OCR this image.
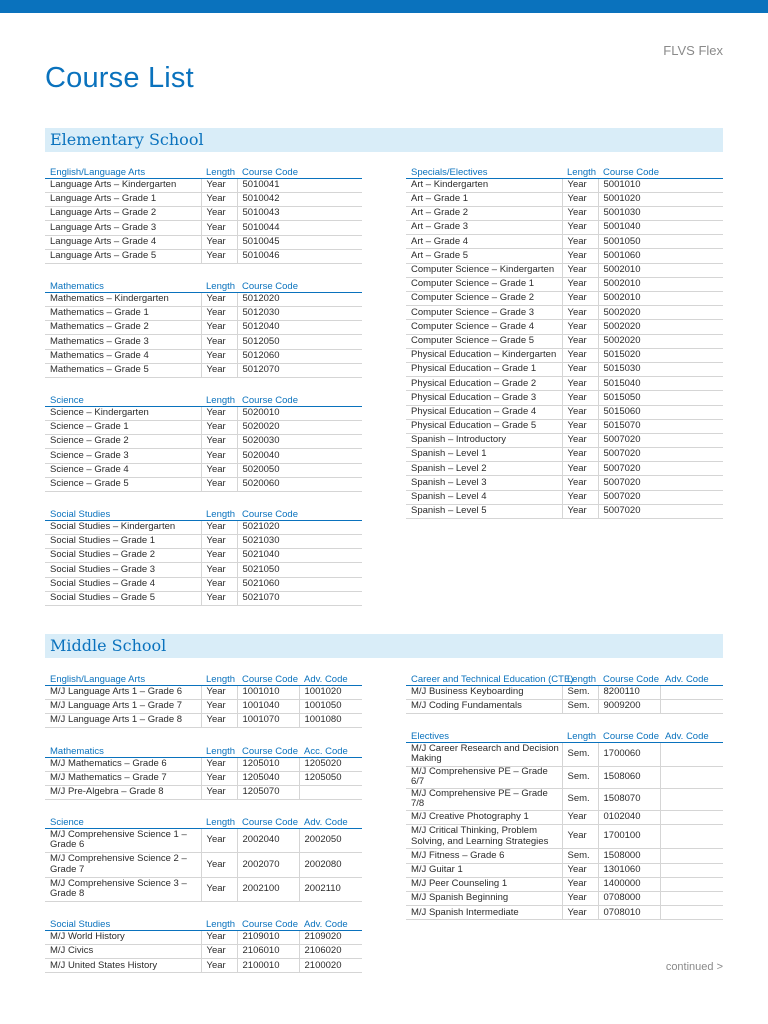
FLVS Flex
Course List
Elementary School
English/Language Arts	Length	Course Code
Language Arts – Kindergarten	Year	5010041
Language Arts – Grade 1	Year	5010042
Language Arts – Grade 2	Year	5010043
Language Arts – Grade 3	Year	5010044
Language Arts – Grade 4	Year	5010045
Language Arts – Grade 5	Year	5010046
Mathematics	Length	Course Code
Mathematics – Kindergarten	Year	5012020
Mathematics – Grade 1	Year	5012030
Mathematics – Grade 2	Year	5012040
Mathematics – Grade 3	Year	5012050
Mathematics – Grade 4	Year	5012060
Mathematics – Grade 5	Year	5012070
Science	Length	Course Code
Science – Kindergarten	Year	5020010
Science – Grade 1	Year	5020020
Science – Grade 2	Year	5020030
Science – Grade 3	Year	5020040
Science – Grade 4	Year	5020050
Science – Grade 5	Year	5020060
Social Studies	Length	Course Code
Social Studies – Kindergarten	Year	5021020
Social Studies – Grade 1	Year	5021030
Social Studies – Grade 2	Year	5021040
Social Studies – Grade 3	Year	5021050
Social Studies – Grade 4	Year	5021060
Social Studies – Grade 5	Year	5021070
Specials/Electives	Length	Course Code
Art – Kindergarten	Year	5001010
Art – Grade 1	Year	5001020
Art – Grade 2	Year	5001030
Art – Grade 3	Year	5001040
Art – Grade 4	Year	5001050
Art – Grade 5	Year	5001060
Computer Science – Kindergarten	Year	5002010
Computer Science – Grade 1	Year	5002010
Computer Science – Grade 2	Year	5002010
Computer Science – Grade 3	Year	5002020
Computer Science – Grade 4	Year	5002020
Computer Science – Grade 5	Year	5002020
Physical Education – Kindergarten	Year	5015020
Physical Education – Grade 1	Year	5015030
Physical Education – Grade 2	Year	5015040
Physical Education – Grade 3	Year	5015050
Physical Education – Grade 4	Year	5015060
Physical Education – Grade 5	Year	5015070
Spanish – Introductory	Year	5007020
Spanish – Level 1	Year	5007020
Spanish – Level 2	Year	5007020
Spanish – Level 3	Year	5007020
Spanish – Level 4	Year	5007020
Spanish – Level 5	Year	5007020
Middle School
English/Language Arts	Length	Course Code	Adv. Code
M/J Language Arts 1 – Grade 6	Year	1001010	1001020
M/J Language Arts 1 – Grade 7	Year	1001040	1001050
M/J Language Arts 1 – Grade 8	Year	1001070	1001080
Mathematics	Length	Course Code	Acc. Code
M/J Mathematics – Grade 6	Year	1205010	1205020
M/J Mathematics – Grade 7	Year	1205040	1205050
M/J Pre-Algebra – Grade 8	Year	1205070	
Science	Length	Course Code	Adv. Code
M/J Comprehensive Science 1 – Grade 6	Year	2002040	2002050
M/J Comprehensive Science 2 – Grade 7	Year	2002070	2002080
M/J Comprehensive Science 3 – Grade 8	Year	2002100	2002110
Social Studies	Length	Course Code	Adv. Code
M/J World History	Year	2109010	2109020
M/J Civics	Year	2106010	2106020
M/J United States History	Year	2100010	2100020
Career and Technical Education (CTE)	Length	Course Code	Adv. Code
M/J Business Keyboarding	Sem.	8200110	
M/J Coding Fundamentals	Sem.	9009200	
Electives	Length	Course Code	Adv. Code
M/J Career Research and Decision Making	Sem.	1700060	
M/J Comprehensive PE – Grade 6/7	Sem.	1508060	
M/J Comprehensive PE – Grade 7/8	Sem.	1508070	
M/J Creative Photography 1	Year	0102040	
M/J Critical Thinking, Problem Solving, and Learning Strategies	Year	1700100	
M/J Fitness – Grade 6	Sem.	1508000	
M/J Guitar 1	Year	1301060	
M/J Peer Counseling 1	Year	1400000	
M/J Spanish Beginning	Year	0708000	
M/J Spanish Intermediate	Year	0708010	
continued >
